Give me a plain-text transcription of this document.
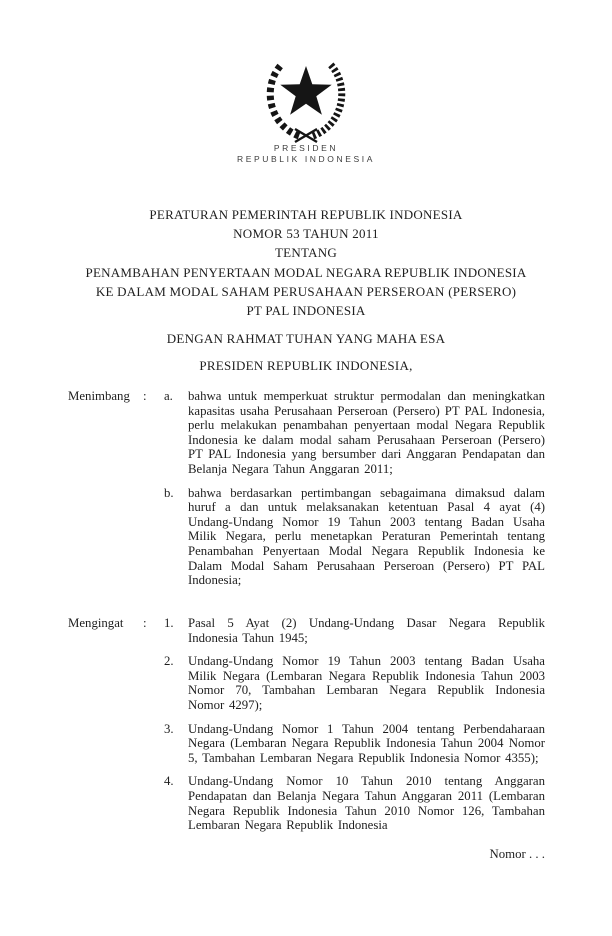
PRESIDEN
REPUBLIK INDONESIA
PERATURAN PEMERINTAH REPUBLIK INDONESIA
NOMOR 53 TAHUN 2011
TENTANG
PENAMBAHAN PENYERTAAN MODAL NEGARA REPUBLIK INDONESIA
KE DALAM MODAL SAHAM PERUSAHAAN PERSEROAN (PERSERO)
PT PAL INDONESIA
DENGAN RAHMAT TUHAN YANG MAHA ESA
PRESIDEN REPUBLIK INDONESIA,
Menimbang	:	a.	bahwa untuk memperkuat struktur permodalan dan meningkatkan kapasitas usaha Perusahaan Perseroan (Persero) PT PAL Indonesia, perlu melakukan penambahan penyertaan modal Negara Republik Indonesia ke dalam modal saham Perusahaan Perseroan (Persero) PT PAL Indonesia yang bersumber dari Anggaran Pendapatan dan Belanja Negara Tahun Anggaran 2011;
b.	bahwa berdasarkan pertimbangan sebagaimana dimaksud dalam huruf a dan untuk melaksanakan ketentuan Pasal 4 ayat (4) Undang-Undang Nomor 19 Tahun 2003 tentang Badan Usaha Milik Negara, perlu menetapkan Peraturan Pemerintah tentang Penambahan Penyertaan Modal Negara Republik Indonesia ke Dalam Modal Saham Perusahaan Perseroan (Persero) PT PAL Indonesia;
Mengingat	:	1.	Pasal 5 Ayat (2) Undang-Undang Dasar Negara Republik Indonesia Tahun 1945;
2.	Undang-Undang Nomor 19 Tahun 2003 tentang Badan Usaha Milik Negara (Lembaran Negara Republik Indonesia Tahun 2003 Nomor 70, Tambahan Lembaran Negara Republik Indonesia Nomor 4297);
3.	Undang-Undang Nomor 1 Tahun 2004 tentang Perbendaharaan Negara (Lembaran Negara Republik Indonesia Tahun 2004 Nomor 5, Tambahan Lembaran Negara Republik Indonesia Nomor 4355);
4.	Undang-Undang Nomor 10 Tahun 2010 tentang Anggaran Pendapatan dan Belanja Negara Tahun Anggaran 2011 (Lembaran Negara Republik Indonesia Tahun 2010 Nomor 126, Tambahan Lembaran Negara Republik Indonesia
Nomor . . .
